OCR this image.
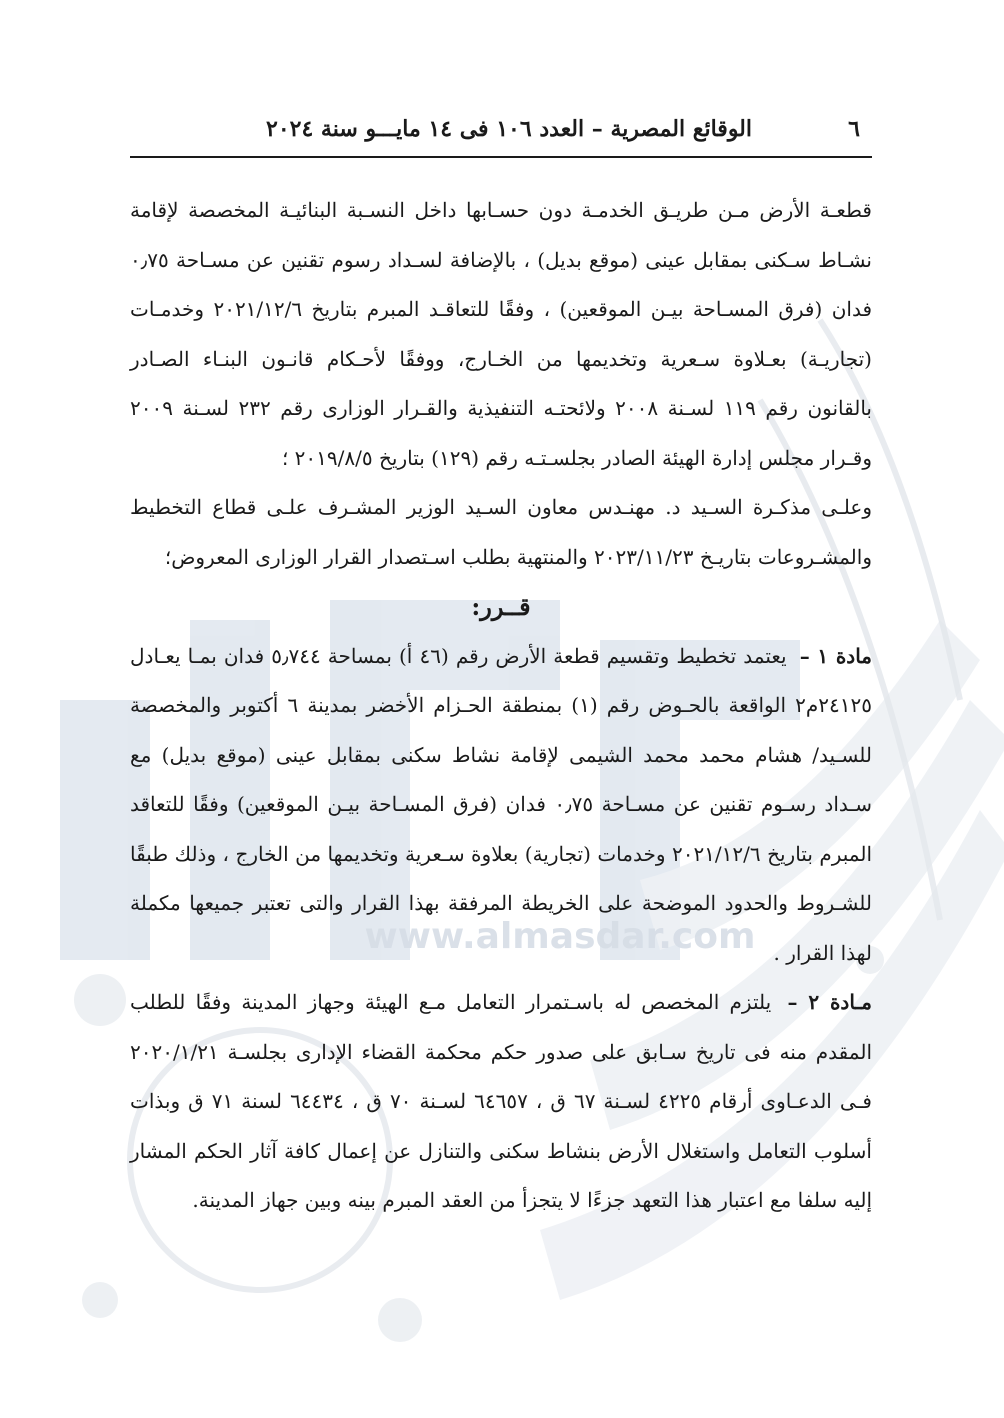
www.almasdar.com
٦
الوقائع المصرية – العدد ١٠٦ فى ١٤ مايـــو سنة ٢٠٢٤

قطعـة الأرض مـن طريـق الخدمـة دون حسـابها داخل النسـبة البنائيـة المخصصة لإقامة نشـاط سـكنى بمقابل عينى (موقع بديل) ، بالإضافة لسـداد رسوم تقنين عن مسـاحة ٠٫٧٥ فدان (فرق المسـاحة بيـن الموقعين) ، وفقًا للتعاقـد المبرم بتاريخ ٢٠٢١/١٢/٦ وخدمـات (تجاريـة) بعـلاوة سـعرية وتخديمها من الخـارج، ووفقًا لأحـكام قانـون البنـاء الصـادر بالقانون رقم ١١٩ لسـنة ٢٠٠٨ ولائحتـه التنفيذية والقـرار الوزارى رقم ٢٣٢ لسـنة ٢٠٠٩ وقـرار مجلس إدارة الهيئة الصادر بجلسـتـه رقم (١٢٩) بتاريخ ٢٠١٩/٨/٥ ؛

وعلـى مذكـرة السـيد د. مهنـدس معاون السـيد الوزير المشـرف علـى قطاع التخطيط والمشـروعات بتاريـخ ٢٠٢٣/١١/٢٣ والمنتهية بطلب اسـتصدار القرار الوزارى المعروض؛

قــرر:

مادة ١ – يعتمد تخطيط وتقسيم قطعة الأرض رقم (٤٦ أ) بمساحة ٥٫٧٤٤ فدان بمـا يعـادل ٢٤١٢٥م٢ الواقعة بالحـوض رقم (١) بمنطقة الحـزام الأخضر بمدينة ٦ أكتوبر والمخصصة للسـيد/ هشام محمد محمد الشيمى لإقامة نشاط سكنى بمقابل عينى (موقع بديل) مع سـداد رسـوم تقنين عن مسـاحة ٠٫٧٥ فدان (فرق المسـاحة بيـن الموقعين) وفقًا للتعاقد المبرم بتاريخ ٢٠٢١/١٢/٦ وخدمات (تجارية) بعلاوة سـعرية وتخديمها من الخارج ، وذلك طبقًا للشـروط والحدود الموضحة على الخريطة المرفقة بهذا القرار والتى تعتبر جميعها مكملة لهذا القرار .

مـادة ٢ – يلتزم المخصص له باسـتمرار التعامل مـع الهيئة وجهاز المدينة وفقًا للطلب المقدم منه فى تاريخ سـابق على صدور حكم محكمة القضاء الإدارى بجلسـة ٢٠٢٠/١/٢١ فـى الدعـاوى أرقام ٤٢٢٥ لسـنة ٦٧ ق ، ٦٤٦٥٧ لسـنة ٧٠ ق ، ٦٤٤٣٤ لسنة ٧١ ق وبذات أسلوب التعامل واستغلال الأرض بنشاط سكنى والتنازل عن إعمال كافة آثار الحكم المشار إليه سلفا مع اعتبار هذا التعهد جزءًا لا يتجزأ من العقد المبرم بينه وبين جهاز المدينة.
